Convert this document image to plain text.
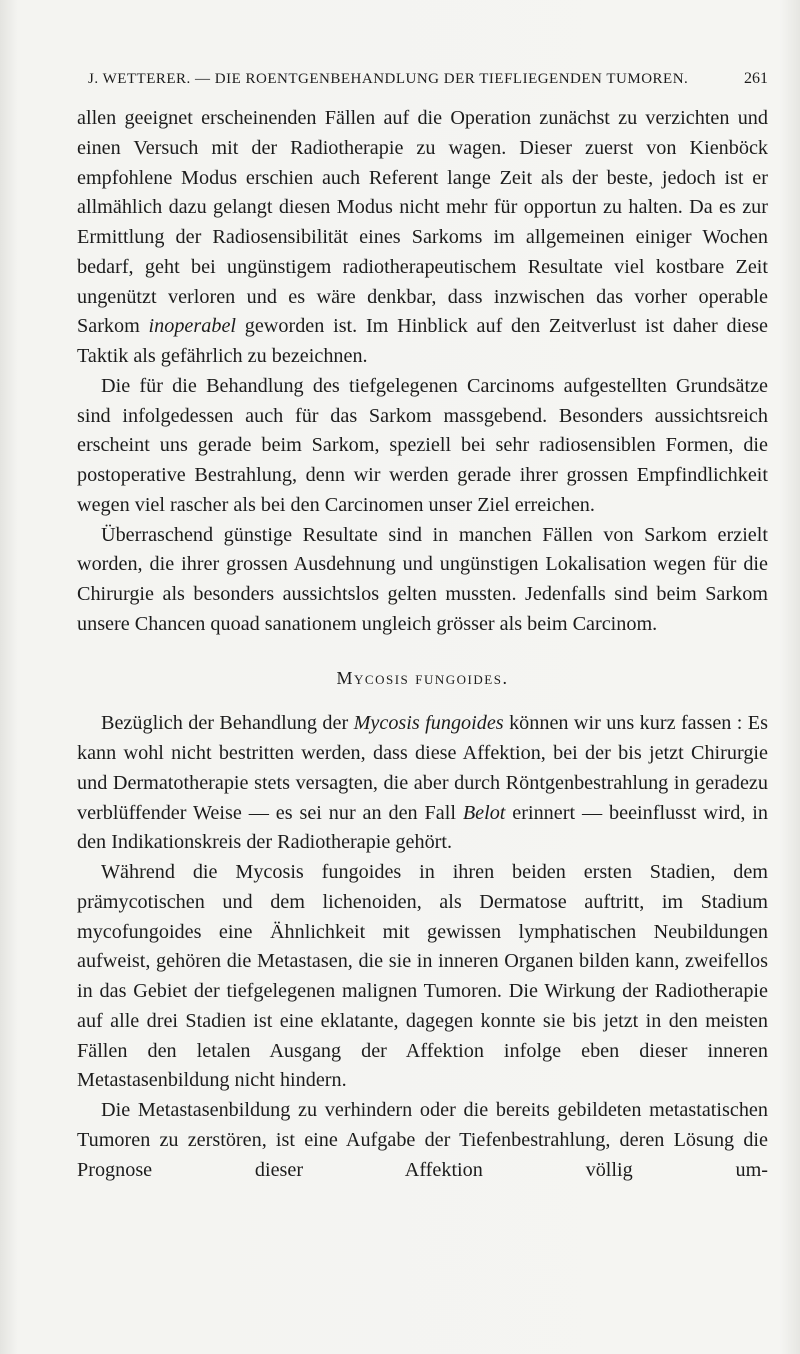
J. WETTERER. — DIE ROENTGENBEHANDLUNG DER TIEFLIEGENDEN TUMOREN.	261

allen geeignet erscheinenden Fällen auf die Operation zunächst zu verzichten und einen Versuch mit der Radiotherapie zu wagen. Dieser zuerst von Kienböck empfohlene Modus erschien auch Referent lange Zeit als der beste, jedoch ist er allmählich dazu gelangt diesen Modus nicht mehr für opportun zu halten. Da es zur Ermittlung der Radiosensibilität eines Sarkoms im allgemeinen einiger Wochen bedarf, geht bei ungünstigem radiotherapeutischem Resultate viel kostbare Zeit ungenützt verloren und es wäre denkbar, dass inzwischen das vorher operable Sarkom inoperabel geworden ist. Im Hinblick auf den Zeitverlust ist daher diese Taktik als gefährlich zu bezeichnen.

Die für die Behandlung des tiefgelegenen Carcinoms aufgestellten Grundsätze sind infolgedessen auch für das Sarkom massgebend. Besonders aussichtsreich erscheint uns gerade beim Sarkom, speziell bei sehr radiosensiblen Formen, die postoperative Bestrahlung, denn wir werden gerade ihrer grossen Empfindlichkeit wegen viel rascher als bei den Carcinomen unser Ziel erreichen.

Überraschend günstige Resultate sind in manchen Fällen von Sarkom erzielt worden, die ihrer grossen Ausdehnung und ungünstigen Lokalisation wegen für die Chirurgie als besonders aussichtslos gelten mussten. Jedenfalls sind beim Sarkom unsere Chancen quoad sanationem ungleich grösser als beim Carcinom.

Mycosis fungoides.

Bezüglich der Behandlung der Mycosis fungoides können wir uns kurz fassen : Es kann wohl nicht bestritten werden, dass diese Affektion, bei der bis jetzt Chirurgie und Dermatotherapie stets versagten, die aber durch Röntgenbestrahlung in geradezu verblüffender Weise — es sei nur an den Fall Belot erinnert — beeinflusst wird, in den Indikationskreis der Radiotherapie gehört.

Während die Mycosis fungoides in ihren beiden ersten Stadien, dem prämycotischen und dem lichenoiden, als Dermatose auftritt, im Stadium mycofungoides eine Ähnlichkeit mit gewissen lymphatischen Neubildungen aufweist, gehören die Metastasen, die sie in inneren Organen bilden kann, zweifellos in das Gebiet der tiefgelegenen malignen Tumoren. Die Wirkung der Radiotherapie auf alle drei Stadien ist eine eklatante, dagegen konnte sie bis jetzt in den meisten Fällen den letalen Ausgang der Affektion infolge eben dieser inneren Metastasenbildung nicht hindern.

Die Metastasenbildung zu verhindern oder die bereits gebildeten metastatischen Tumoren zu zerstören, ist eine Aufgabe der Tiefenbestrahlung, deren Lösung die Prognose dieser Affektion völlig um-
